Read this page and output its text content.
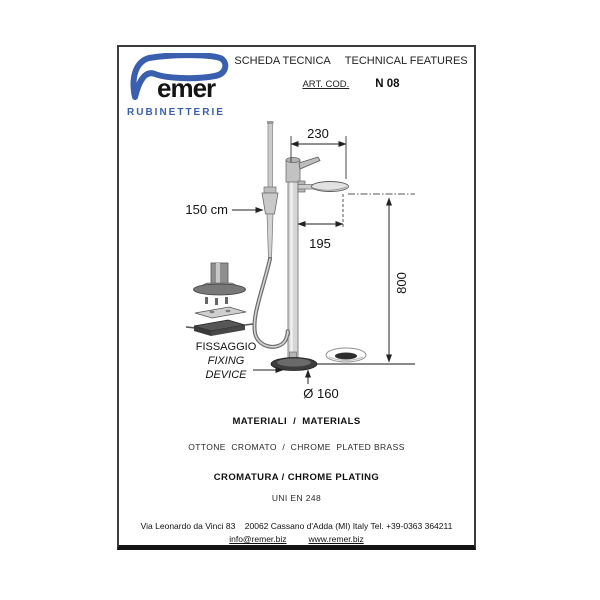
emer
RUBINETTERIE
SCHEDA TECNICA TECHNICAL FEATURES
ART. COD. N 08
230
195
800
150 cm
Ø 160
FISSAGGIO
FIXING
DEVICE
MATERIALI  /  MATERIALS
OTTONE  CROMATO  /  CHROME  PLATED BRASS
CROMATURA / CHROME PLATING
UNI EN 248
Via Leonardo da Vinci 83    20062 Cassano d'Adda (MI) Italy Tel. +39-0363 364211
info@remer.biz	www.remer.biz
